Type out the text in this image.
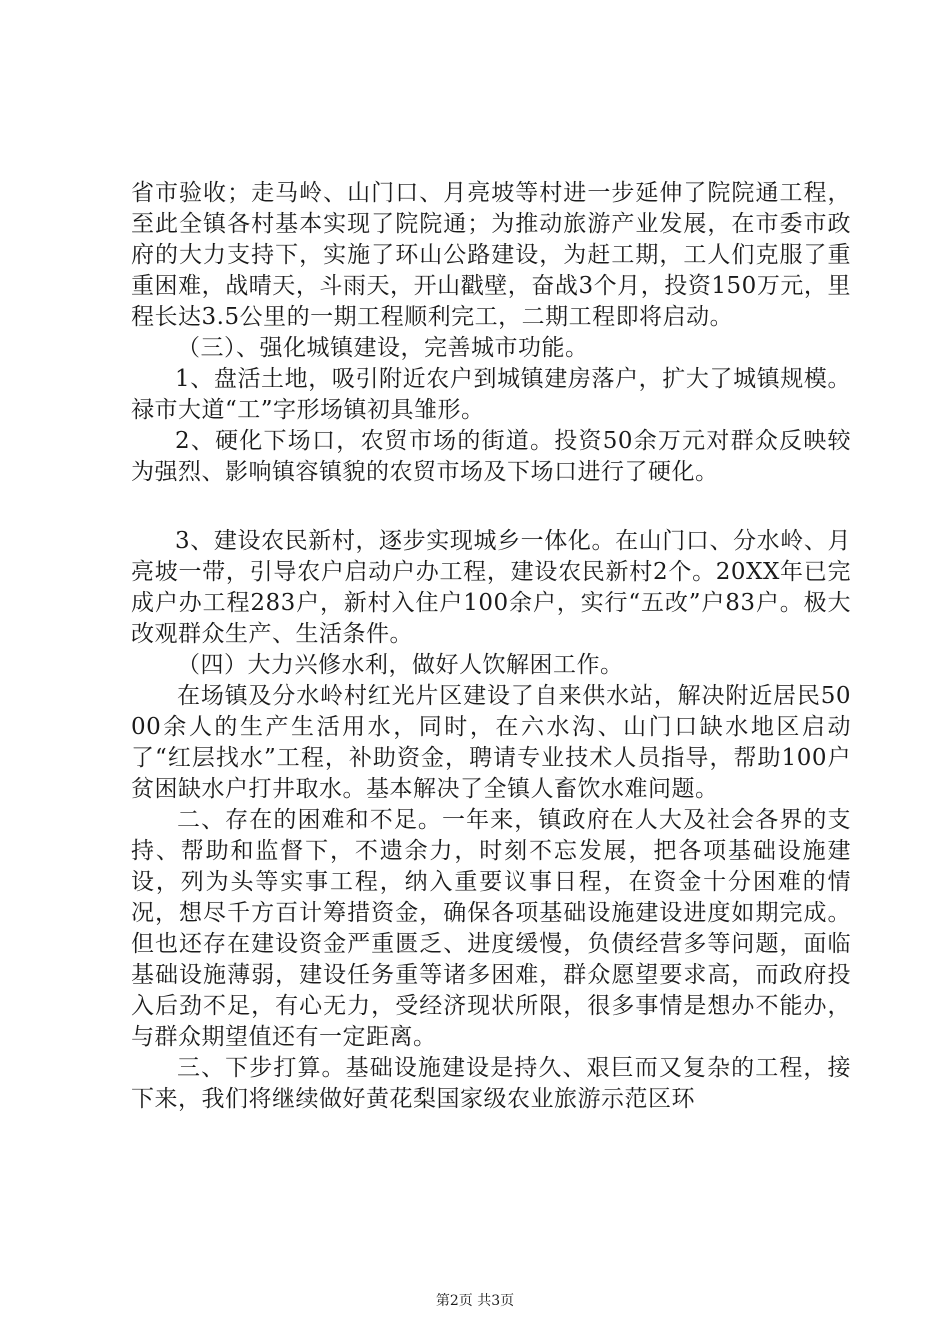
省市验收；走马岭、山门口、月亮坡等村进一步延伸了院院通工程，至此全镇各村基本实现了院院通；为推动旅游产业发展，在市委市政府的大力支持下，实施了环山公路建设，为赶工期，工人们克服了重重困难，战晴天，斗雨天，开山戳壁，奋战3个月，投资150万元，里程长达3.5公里的一期工程顺利完工，二期工程即将启动。

（三）、强化城镇建设，完善城市功能。

1、盘活土地，吸引附近农户到城镇建房落户，扩大了城镇规模。禄市大道“工”字形场镇初具雏形。

2、硬化下场口，农贸市场的街道。投资50余万元对群众反映较为强烈、影响镇容镇貌的农贸市场及下场口进行了硬化。

3、建设农民新村，逐步实现城乡一体化。在山门口、分水岭、月亮坡一带，引导农户启动户办工程，建设农民新村2个。20XX年已完成户办工程283户，新村入住户100余户，实行“五改”户83户。极大改观群众生产、生活条件。

（四）大力兴修水利，做好人饮解困工作。

在场镇及分水岭村红光片区建设了自来供水站，解决附近居民5000余人的生产生活用水，同时，在六水沟、山门口缺水地区启动了“红层找水”工程，补助资金，聘请专业技术人员指导，帮助100户贫困缺水户打井取水。基本解决了全镇人畜饮水难问题。

二、存在的困难和不足。一年来，镇政府在人大及社会各界的支持、帮助和监督下，不遗余力，时刻不忘发展，把各项基础设施建设，列为头等实事工程，纳入重要议事日程，在资金十分困难的情况，想尽千方百计筹措资金，确保各项基础设施建设进度如期完成。但也还存在建设资金严重匮乏、进度缓慢，负债经营多等问题，面临基础设施薄弱，建设任务重等诸多困难，群众愿望要求高，而政府投入后劲不足，有心无力，受经济现状所限，很多事情是想办不能办，与群众期望值还有一定距离。

三、下步打算。基础设施建设是持久、艰巨而又复杂的工程，接下来，我们将继续做好黄花梨国家级农业旅游示范区环

第2页 共3页
